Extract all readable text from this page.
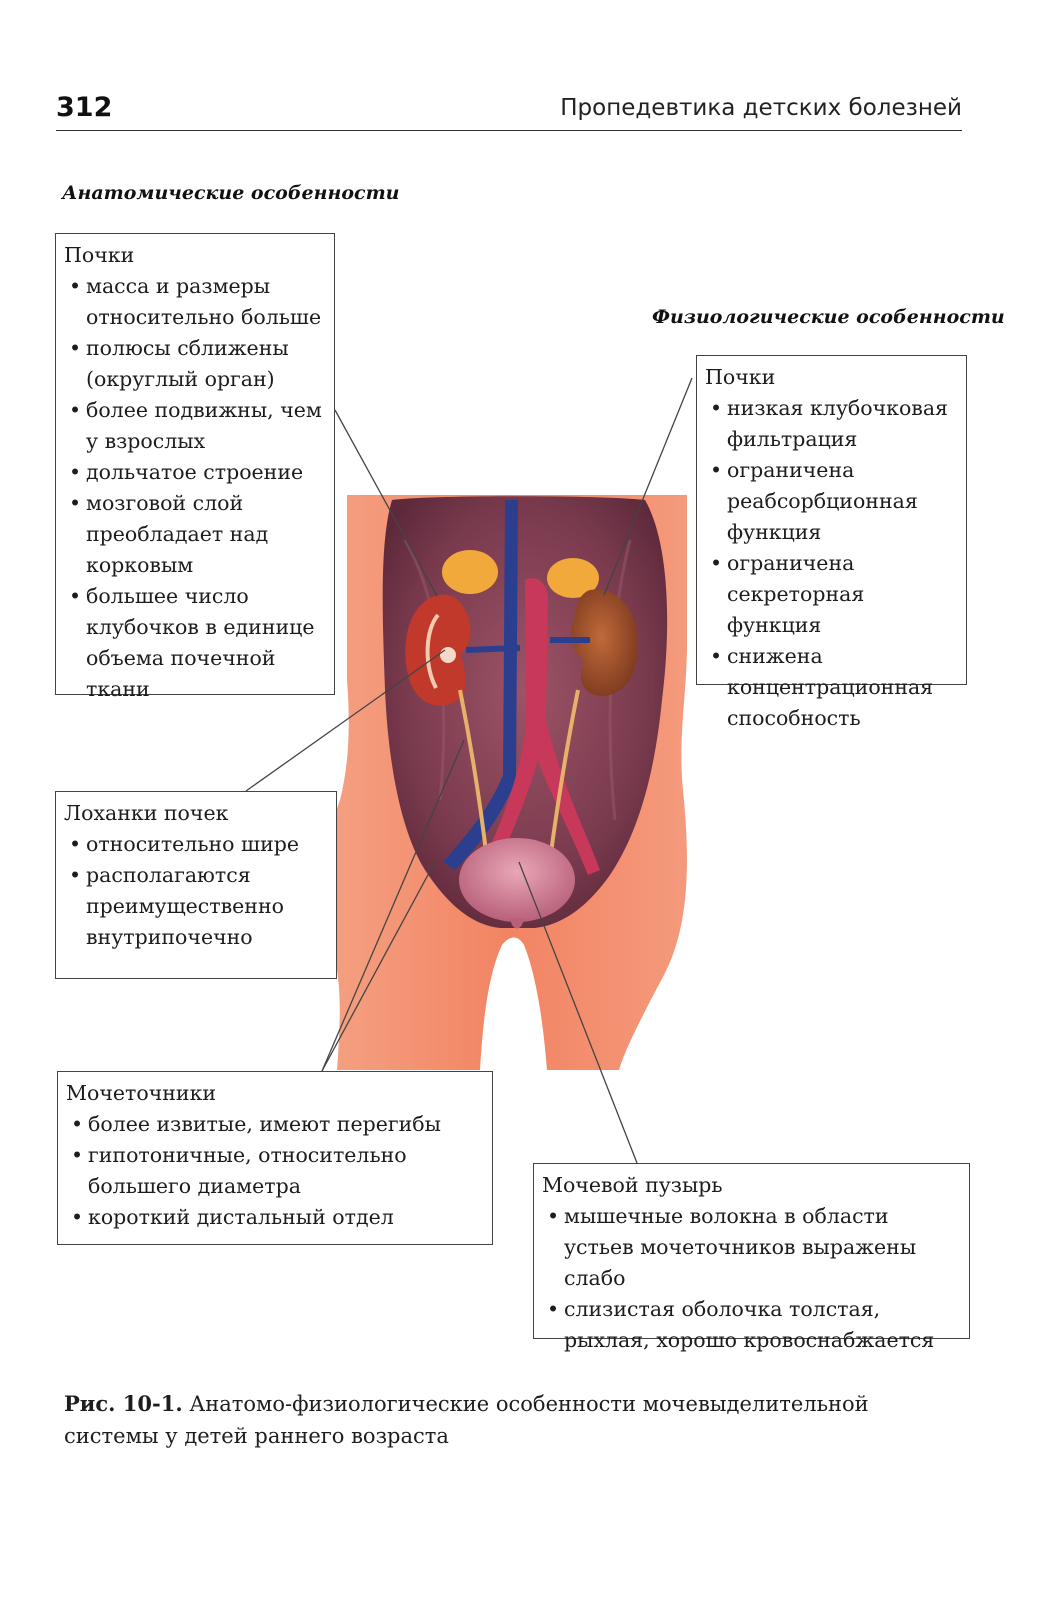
312	Пропедевтика детских болезней
Анатомические особенности
Физиологические особенности
Почки
• масса и размеры относительно больше
• полюсы сближены (округлый орган)
• более подвижны, чем у взрослых
• дольчатое строение
• мозговой слой преобладает над корковым
• большее число клубочков в единице объема почечной ткани
Почки
• низкая клубочковая фильтрация
• ограничена реабсорбционная функция
• ограничена секреторная функция
• снижена концентрационная способность
Лоханки почек
• относительно шире
• располагаются преимущественно внутрипочечно
Мочеточники
• более извитые, имеют перегибы
• гипотоничные, относительно большего диаметра
• короткий дистальный отдел
Мочевой пузырь
• мышечные волокна в области устьев мочеточников выражены слабо
• слизистая оболочка толстая, рыхлая, хорошо кровоснабжается

Рис. 10-1. Анатомо-физиологические особенности мочевыделительной системы у детей раннего возраста
